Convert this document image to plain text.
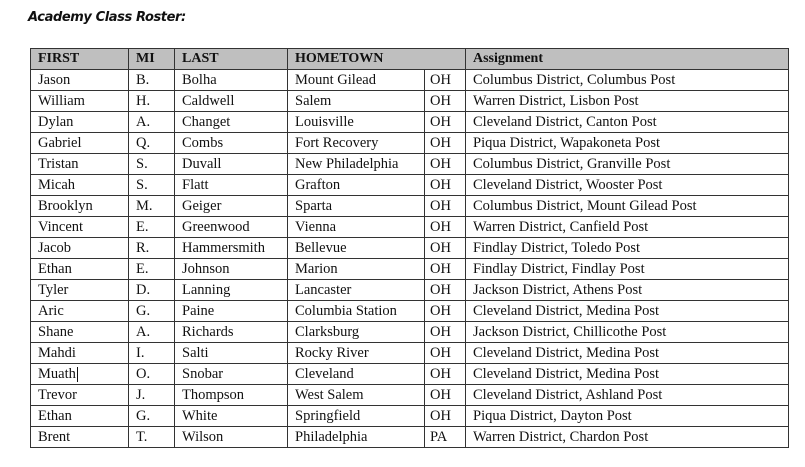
Academy Class Roster:
FIRST	MI	LAST	HOMETOWN		Assignment
Jason	B.	Bolha	Mount Gilead	OH	Columbus District, Columbus Post
William	H.	Caldwell	Salem	OH	Warren District, Lisbon Post
Dylan	A.	Changet	Louisville	OH	Cleveland District, Canton Post
Gabriel	Q.	Combs	Fort Recovery	OH	Piqua District, Wapakoneta Post
Tristan	S.	Duvall	New Philadelphia	OH	Columbus District, Granville Post
Micah	S.	Flatt	Grafton	OH	Cleveland District, Wooster Post
Brooklyn	M.	Geiger	Sparta	OH	Columbus District, Mount Gilead Post
Vincent	E.	Greenwood	Vienna	OH	Warren District, Canfield Post
Jacob	R.	Hammersmith	Bellevue	OH	Findlay District, Toledo Post
Ethan	E.	Johnson	Marion	OH	Findlay District, Findlay Post
Tyler	D.	Lanning	Lancaster	OH	Jackson District, Athens Post
Aric	G.	Paine	Columbia Station	OH	Cleveland District, Medina Post
Shane	A.	Richards	Clarksburg	OH	Jackson District, Chillicothe Post
Mahdi	I.	Salti	Rocky River	OH	Cleveland District, Medina Post
Muath	O.	Snobar	Cleveland	OH	Cleveland District, Medina Post
Trevor	J.	Thompson	West Salem	OH	Cleveland District, Ashland Post
Ethan	G.	White	Springfield	OH	Piqua District, Dayton Post
Brent	T.	Wilson	Philadelphia	PA	Warren District, Chardon Post
